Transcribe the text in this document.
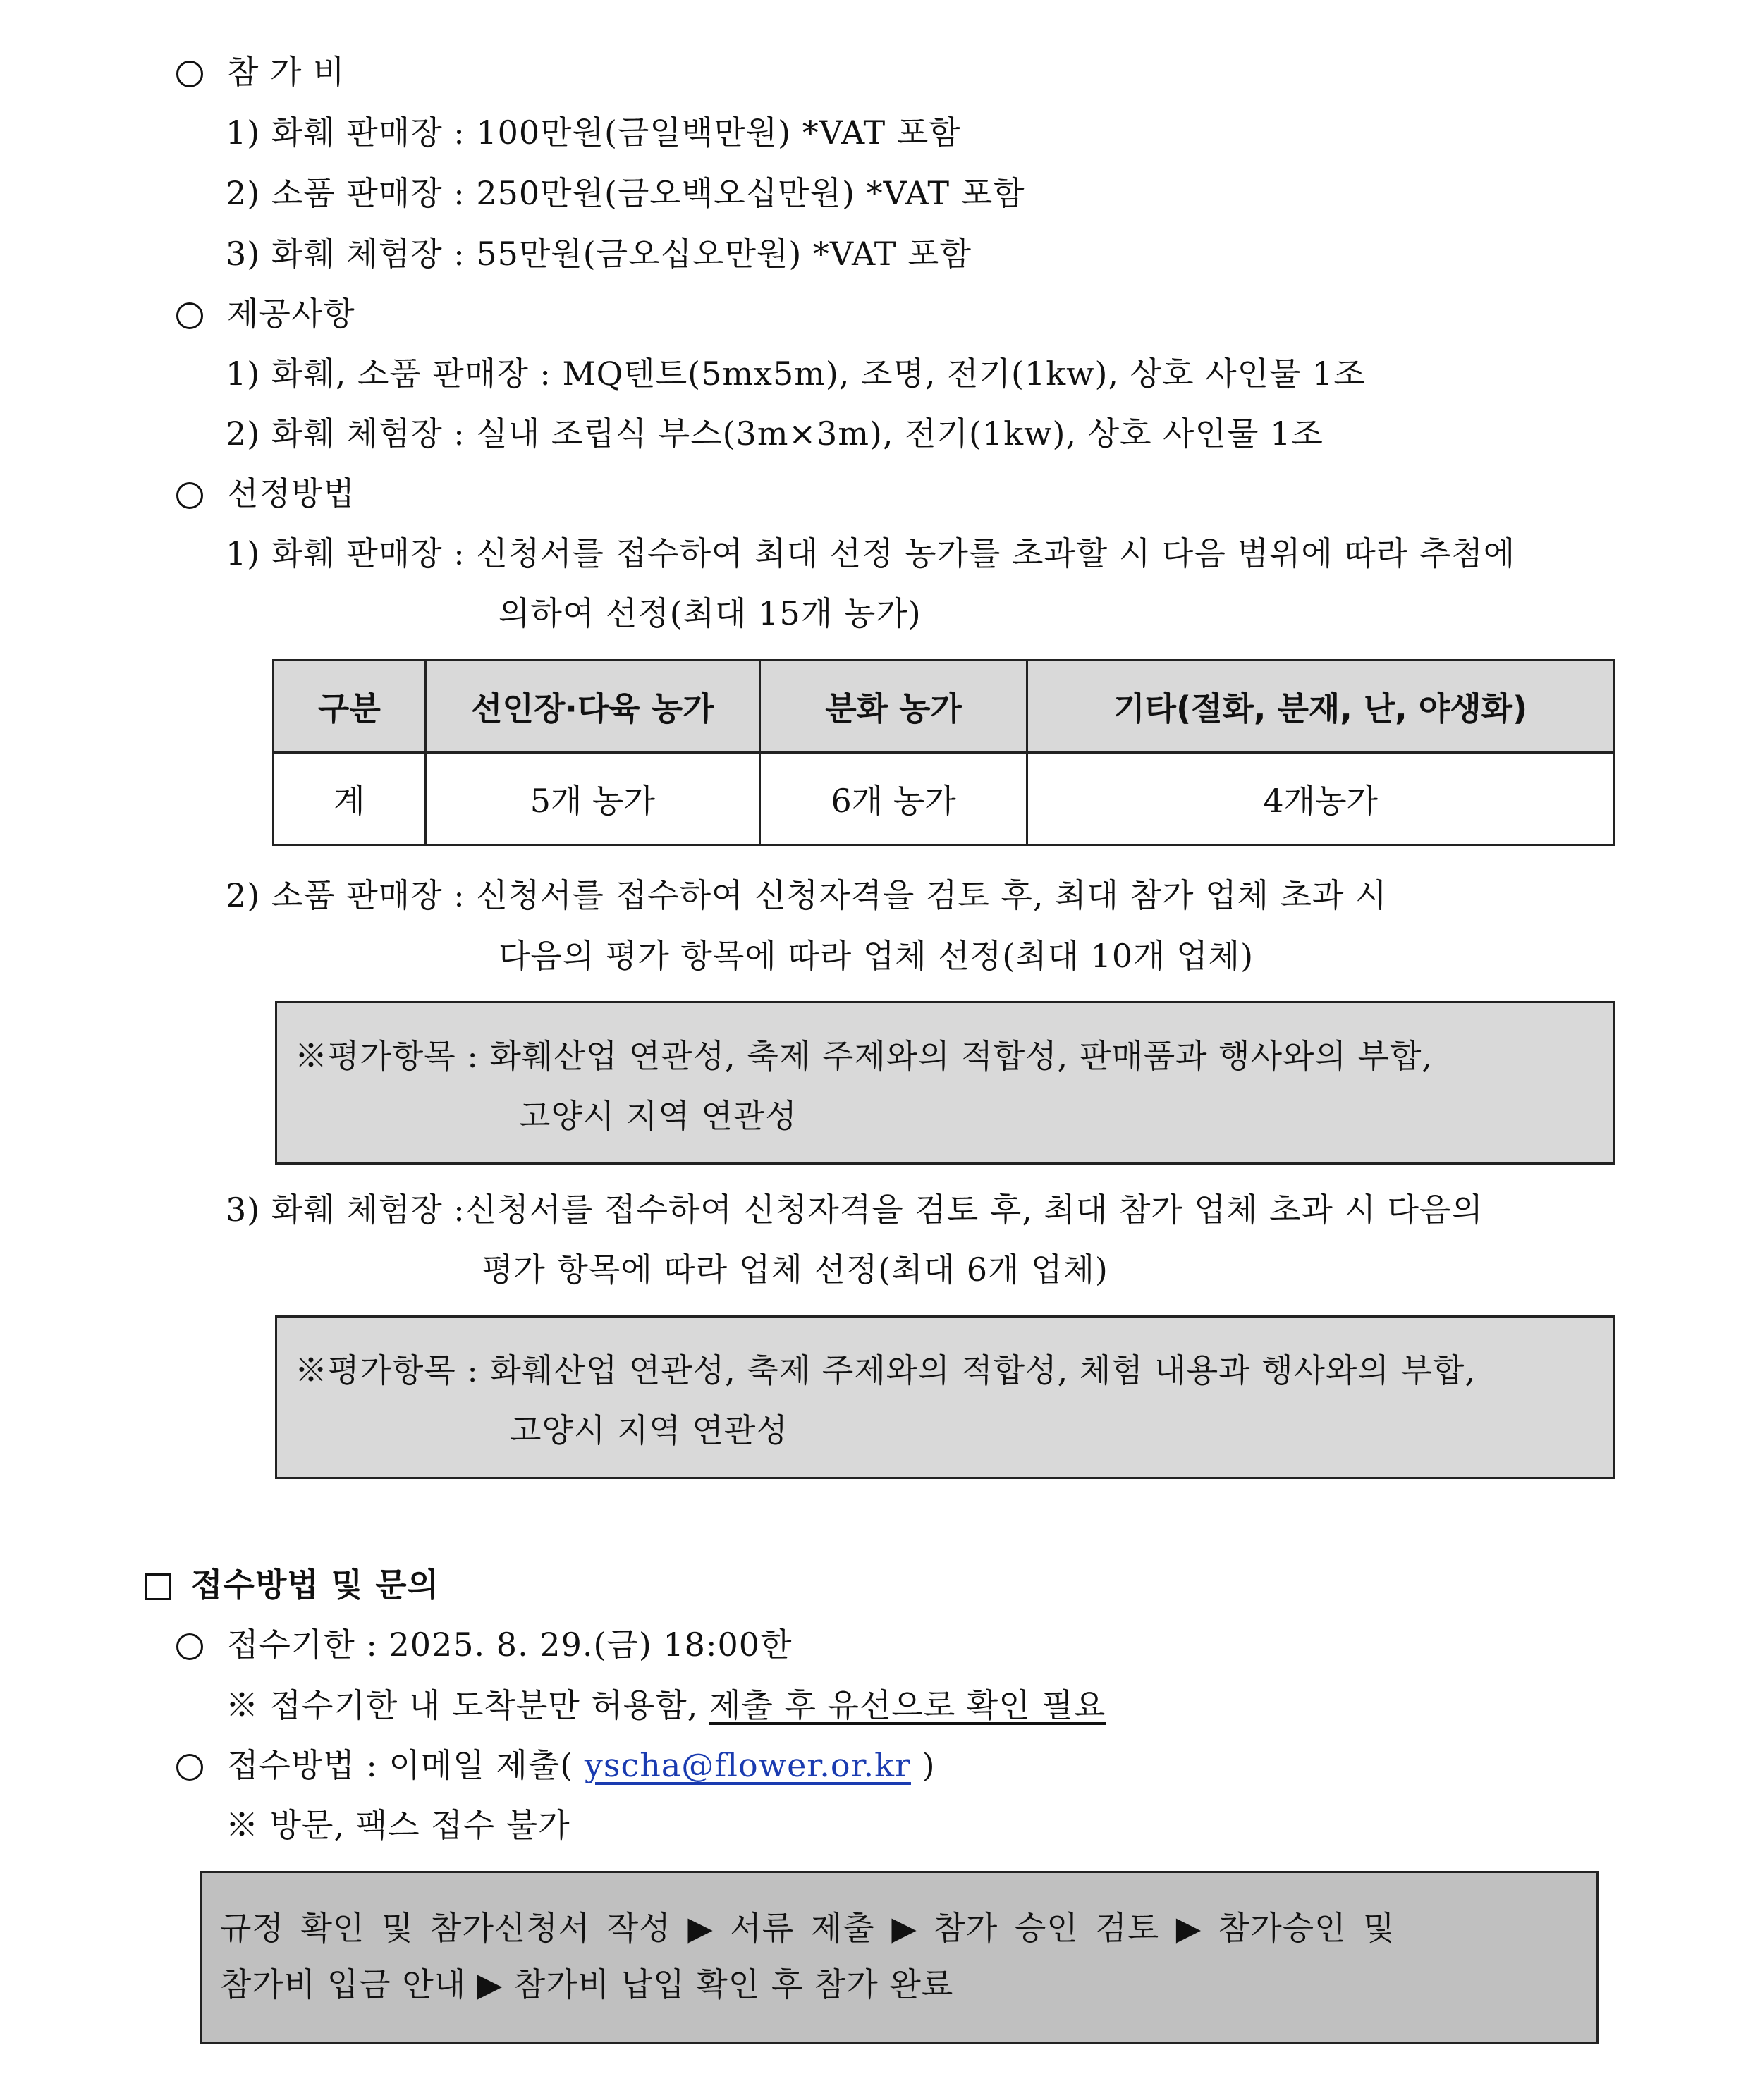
참 가 비
1) 화훼 판매장 : 100만원(금일백만원) *VAT 포함
2) 소품 판매장 : 250만원(금오백오십만원) *VAT 포함
3) 화훼 체험장 : 55만원(금오십오만원) *VAT 포함
제공사항
1) 화훼, 소품 판매장 : MQ텐트(5mx5m), 조명, 전기(1kw), 상호 사인물 1조
2) 화훼 체험장 : 실내 조립식 부스(3m×3m), 전기(1kw), 상호 사인물 1조
선정방법
1) 화훼 판매장 : 신청서를 접수하여 최대 선정 농가를 초과할 시 다음 범위에 따라 추첨에
의하여 선정(최대 15개 농가)
구분	선인장·다육 농가	분화 농가	기타(절화, 분재, 난, 야생화)
계	5개 농가	6개 농가	4개농가
2) 소품 판매장 : 신청서를 접수하여 신청자격을 검토 후, 최대 참가 업체 초과 시
다음의 평가 항목에 따라 업체 선정(최대 10개 업체)
※평가항목 : 화훼산업 연관성, 축제 주제와의 적합성, 판매품과 행사와의 부합,
고양시 지역 연관성
3) 화훼 체험장 :신청서를 접수하여 신청자격을 검토 후, 최대 참가 업체 초과 시 다음의
평가 항목에 따라 업체 선정(최대 6개 업체)
※평가항목 : 화훼산업 연관성, 축제 주제와의 적합성, 체험 내용과 행사와의 부합,
고양시 지역 연관성
접수방법 및 문의
접수기한 : 2025. 8. 29.(금) 18:00한
※ 접수기한 내 도착분만 허용함, 제출 후 유선으로 확인 필요
접수방법 : 이메일 제출( yscha@flower.or.kr )
※ 방문, 팩스 접수 불가
규정 확인 및 참가신청서 작성 ▶ 서류 제출 ▶ 참가 승인 검토 ▶ 참가승인 및
참가비 입금 안내 ▶ 참가비 납입 확인 후 참가 완료
